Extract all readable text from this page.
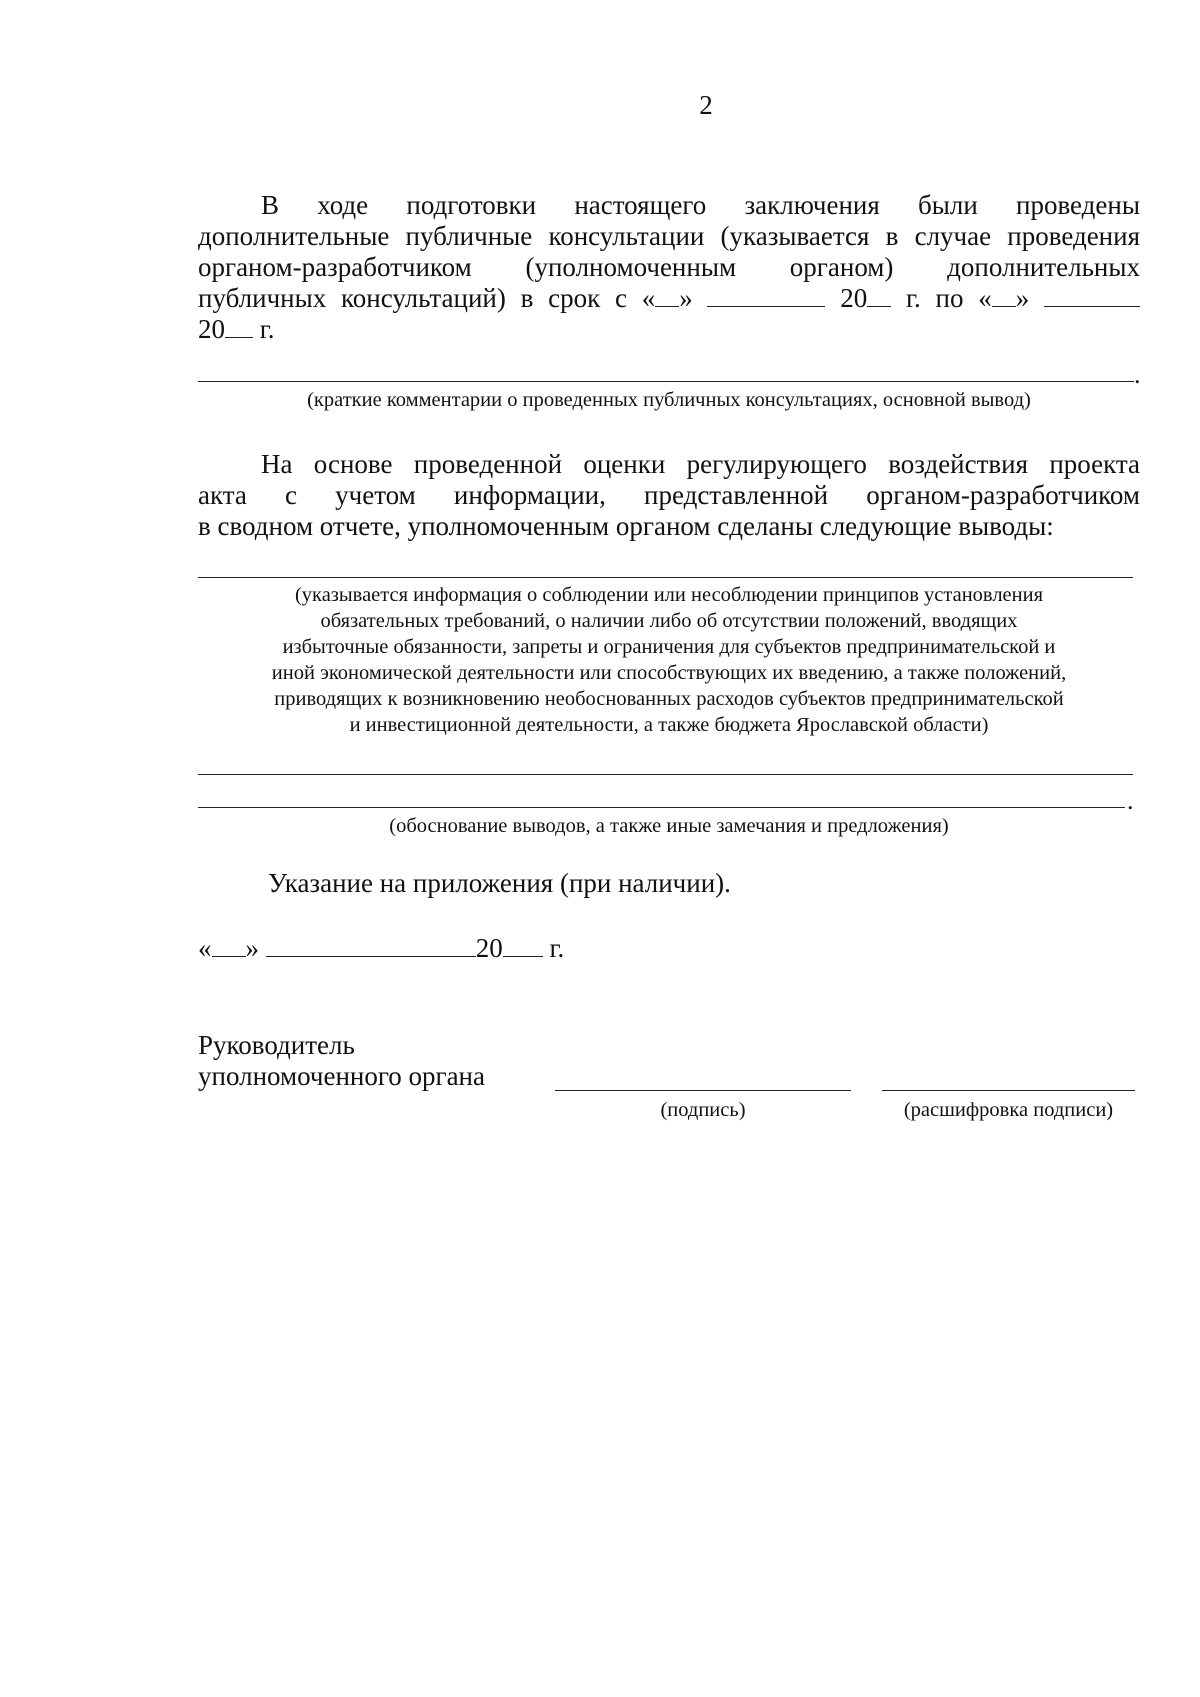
2
В ходе подготовки настоящего заключения были проведены
дополнительные публичные консультации (указывается в случае проведения
органом-разработчиком (уполномоченным органом) дополнительных
публичных консультаций) в срок с « »	20 г. по « »
20 г.
.
(краткие комментарии о проведенных публичных консультациях, основной вывод)
На основе проведенной оценки регулирующего воздействия проекта
акта с учетом информации, представленной органом-разработчиком
в сводном отчете, уполномоченным органом сделаны следующие выводы:
(указывается информация о соблюдении или несоблюдении принципов установления
обязательных требований, о наличии либо об отсутствии положений, вводящих
избыточные обязанности, запреты и ограничения для субъектов предпринимательской и
иной экономической деятельности или способствующих их введению, а также положений,
приводящих к возникновению необоснованных расходов субъектов предпринимательской
и инвестиционной деятельности, а также бюджета Ярославской области)
.
(обоснование выводов, а также иные замечания и предложения)
Указание на приложения (при наличии).
« »	20 г.
Руководитель
уполномоченного органа
(подпись)	(расшифровка подписи)
